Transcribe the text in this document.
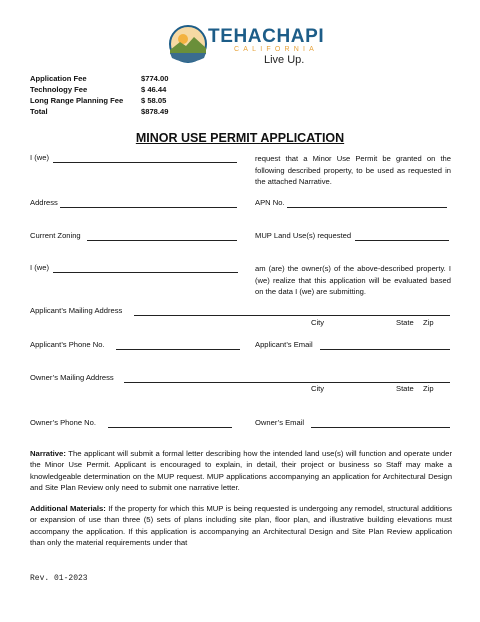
TEHACHAPI
CALIFORNIA
Live Up.
Application Fee	$774.00
Technology Fee	$ 46.44
Long Range Planning Fee $ 58.05
Total	$878.49
MINOR USE PERMIT APPLICATION
I (we)	request that a Minor Use Permit be granted on the following described property, to be used as requested in the attached Narrative.
Address	APN No.
Current Zoning	MUP Land Use(s) requested
I (we)	am (are) the owner(s) of the above-described property. I (we) realize that this application will be evaluated based on the data I (we) are submitting.
Applicant’s Mailing Address
City	State Zip
Applicant’s Phone No.	Applicant’s Email
Owner’s Mailing Address
City	State Zip
Owner’s Phone No.	Owner’s Email
Narrative: The applicant will submit a formal letter describing how the intended land use(s) will function and operate under the Minor Use Permit. Applicant is encouraged to explain, in detail, their project or business so Staff may make a knowledgeable determination on the MUP request. MUP applications accompanying an application for Architectural Design and Site Plan Review only need to submit one narrative letter.
Additional Materials: If the property for which this MUP is being requested is undergoing any remodel, structural additions or expansion of use than three (5) sets of plans including site plan, floor plan, and illustrative building elevations must accompany the application. If this application is accompanying an Architectural Design and Site Plan Review application than only the material requirements under that
Rev. 01-2023
